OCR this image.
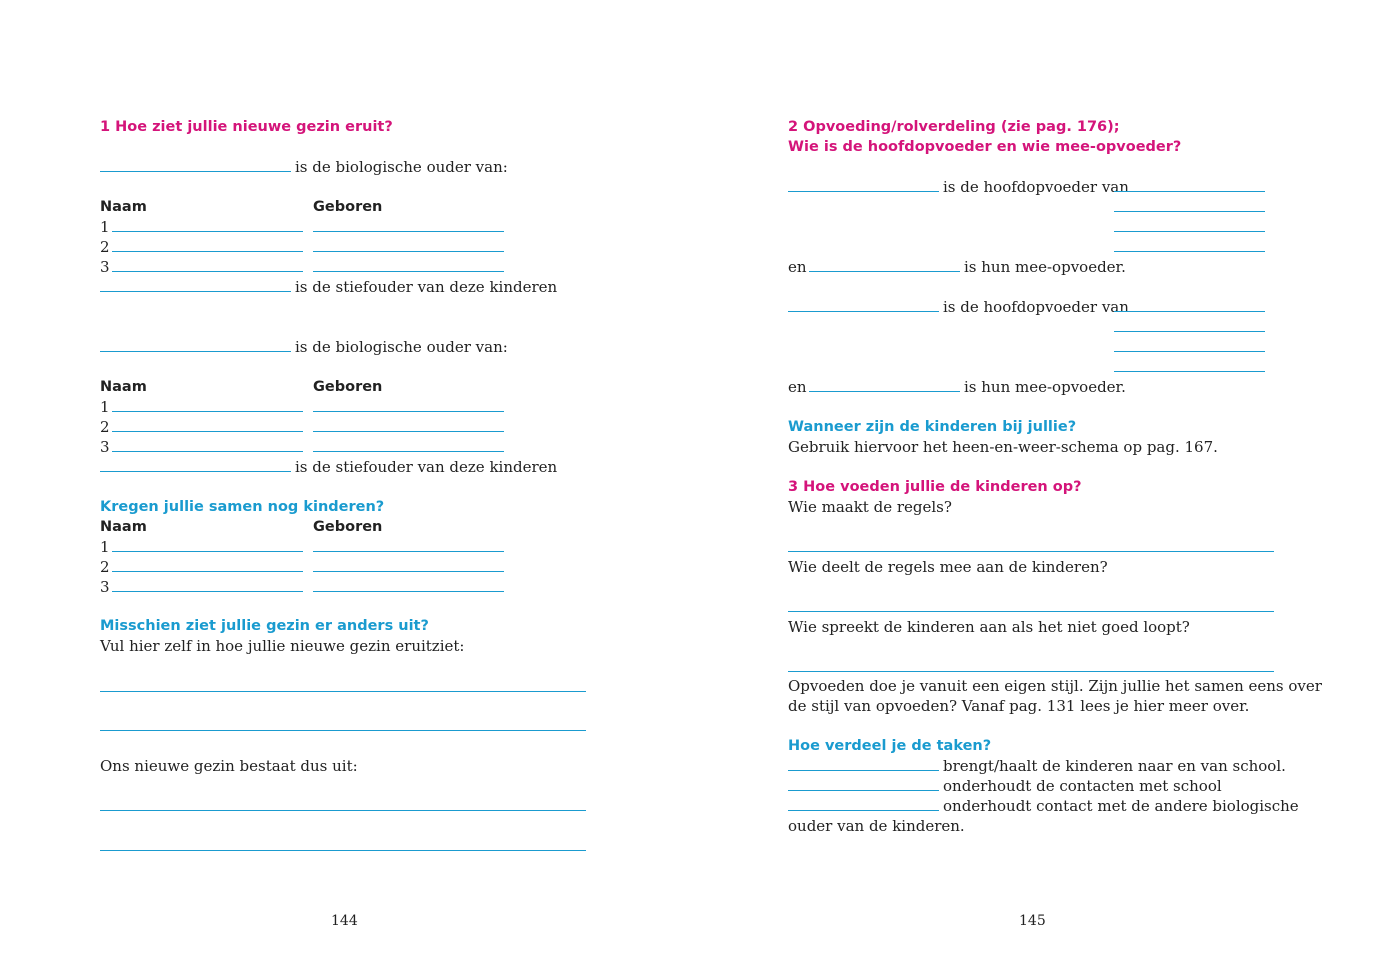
1 Hoe ziet jullie nieuwe gezin eruit?
is de biologische ouder van:
Naam	Geboren
1
2
3
is de stiefouder van deze kinderen
is de biologische ouder van:
Naam	Geboren
1
2
3
is de stiefouder van deze kinderen
Kregen jullie samen nog kinderen?
Naam	Geboren
1
2
3
Misschien ziet jullie gezin er anders uit?
Vul hier zelf in hoe jullie nieuwe gezin eruitziet:
Ons nieuwe gezin bestaat dus uit:
144
2 Opvoeding/rolverdeling (zie pag. 176);
Wie is de hoofdopvoeder en wie mee-opvoeder?
is de hoofdopvoeder van
en	is hun mee-opvoeder.
is de hoofdopvoeder van
en	is hun mee-opvoeder.
Wanneer zijn de kinderen bij jullie?
Gebruik hiervoor het heen-en-weer-schema op pag. 167.
3 Hoe voeden jullie de kinderen op?
Wie maakt de regels?
Wie deelt de regels mee aan de kinderen?
Wie spreekt de kinderen aan als het niet goed loopt?
Opvoeden doe je vanuit een eigen stijl. Zijn jullie het samen eens over
de stijl van opvoeden? Vanaf pag. 131 lees je hier meer over.
Hoe verdeel je de taken?
brengt/haalt de kinderen naar en van school.
onderhoudt de contacten met school
onderhoudt contact met de andere biologische
ouder van de kinderen.
145
